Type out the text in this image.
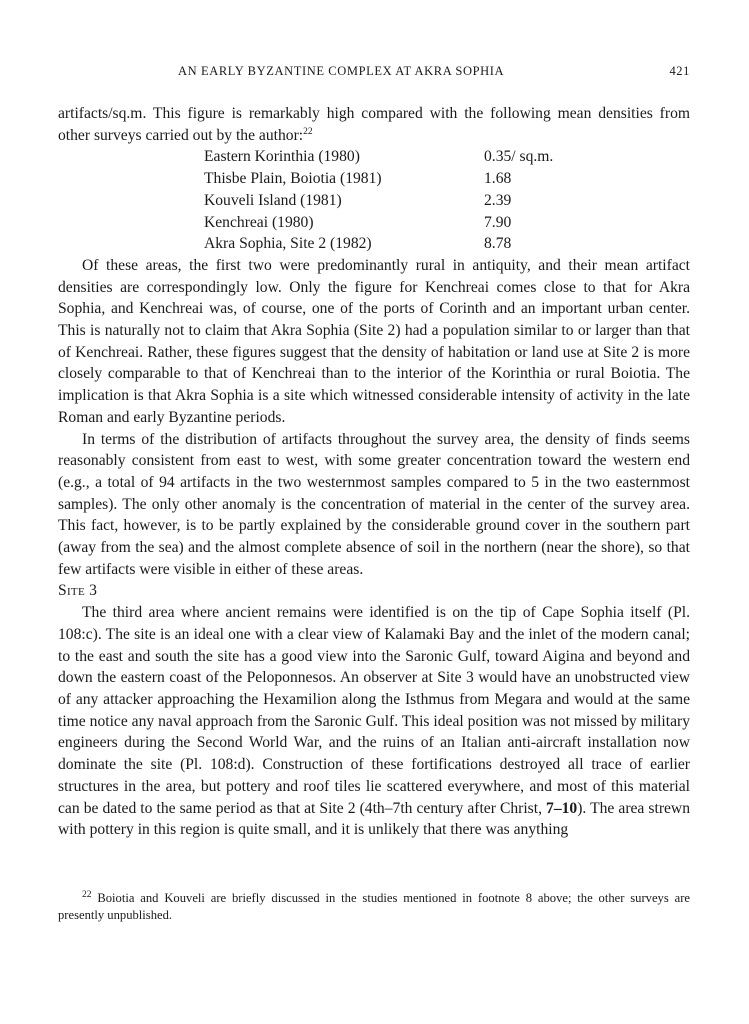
AN EARLY BYZANTINE COMPLEX AT AKRA SOPHIA	421

artifacts/sq.m. This figure is remarkably high compared with the following mean densities from other surveys carried out by the author:$^{22}$

Eastern Korinthia (1980)	0.35/ sq.m.
Thisbe Plain, Boiotia (1981)	1.68
Kouveli Island (1981)	2.39
Kenchreai (1980)	7.90
Akra Sophia, Site 2 (1982)	8.78

Of these areas, the first two were predominantly rural in antiquity, and their mean artifact densities are correspondingly low. Only the figure for Kenchreai comes close to that for Akra Sophia, and Kenchreai was, of course, one of the ports of Corinth and an important urban center. This is naturally not to claim that Akra Sophia (Site 2) had a population similar to or larger than that of Kenchreai. Rather, these figures suggest that the density of habitation or land use at Site 2 is more closely comparable to that of Kenchreai than to the interior of the Korinthia or rural Boiotia. The implication is that Akra Sophia is a site which witnessed considerable intensity of activity in the late Roman and early Byzantine periods.

In terms of the distribution of artifacts throughout the survey area, the density of finds seems reasonably consistent from east to west, with some greater concentration toward the western end (e.g., a total of 94 artifacts in the two westernmost samples compared to 5 in the two easternmost samples). The only other anomaly is the concentration of material in the center of the survey area. This fact, however, is to be partly explained by the considerable ground cover in the southern part (away from the sea) and the almost complete absence of soil in the northern (near the shore), so that few artifacts were visible in either of these areas.

Site 3

The third area where ancient remains were identified is on the tip of Cape Sophia itself (Pl. 108:c). The site is an ideal one with a clear view of Kalamaki Bay and the inlet of the modern canal; to the east and south the site has a good view into the Saronic Gulf, toward Aigina and beyond and down the eastern coast of the Peloponnesos. An observer at Site 3 would have an unobstructed view of any attacker approaching the Hexamilion along the Isthmus from Megara and would at the same time notice any naval approach from the Saronic Gulf. This ideal position was not missed by military engineers during the Second World War, and the ruins of an Italian anti-aircraft installation now dominate the site (Pl. 108:d). Construction of these fortifications destroyed all trace of earlier structures in the area, but pottery and roof tiles lie scattered everywhere, and most of this material can be dated to the same period as that at Site 2 (4th–7th century after Christ, 7–10). The area strewn with pottery in this region is quite small, and it is unlikely that there was anything

$^{22}$ Boiotia and Kouveli are briefly discussed in the studies mentioned in footnote 8 above; the other surveys are presently unpublished.
